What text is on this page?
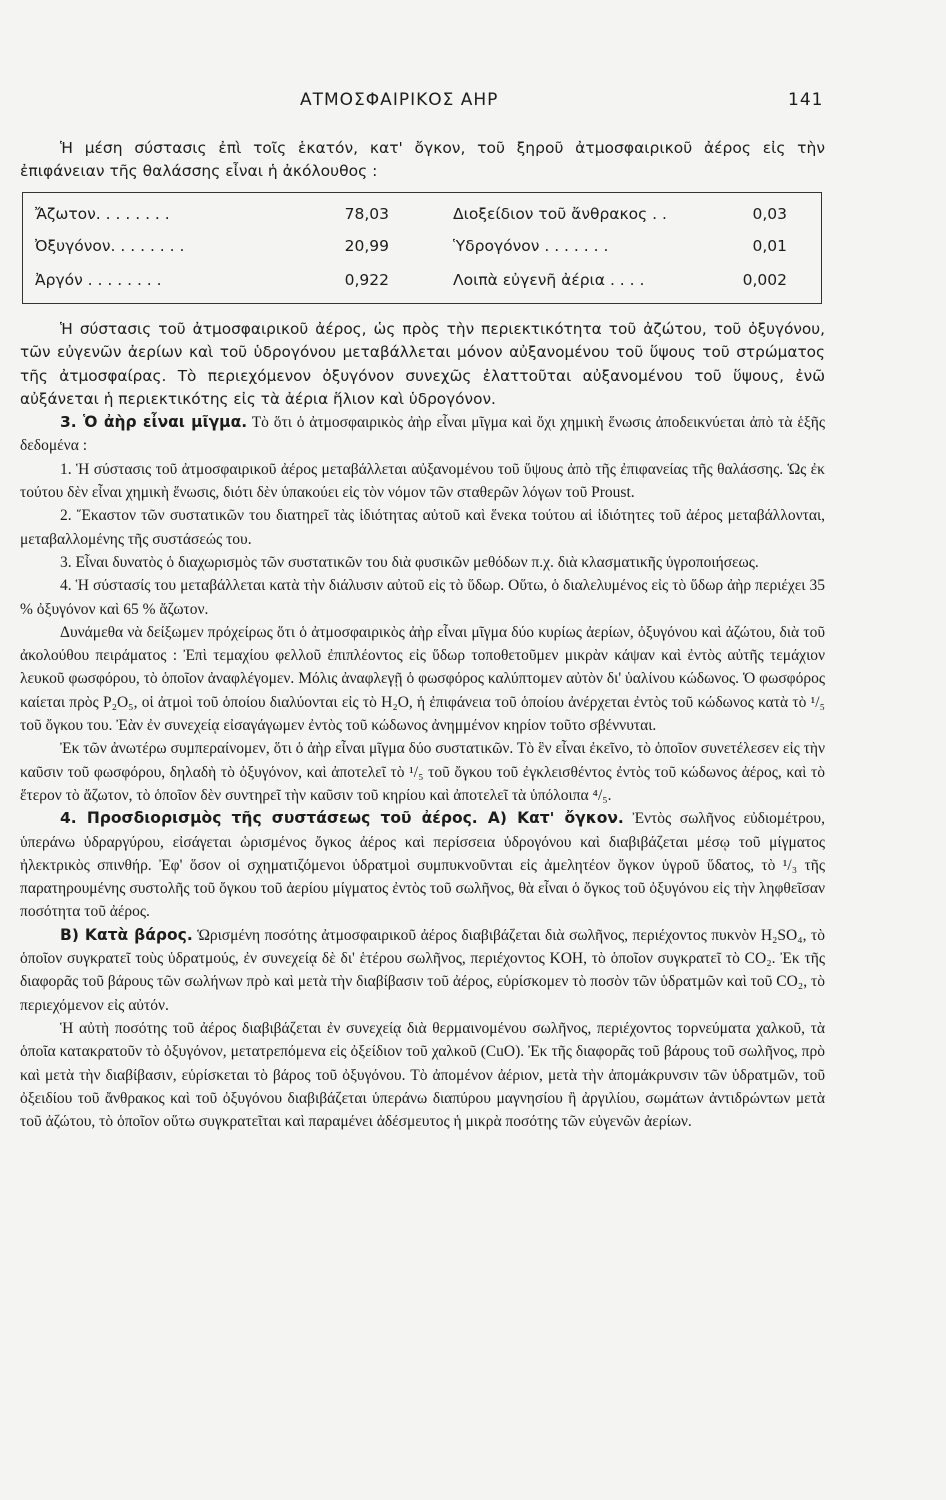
ΑΤΜΟΣΦΑΙΡΙΚΟΣ ΑΗΡ	141
Ἡ μέση σύστασις ἐπὶ τοῖς ἑκατόν, κατ' ὄγκον, τοῦ ξηροῦ ἀτμοσφαιρικοῦ ἀέρος εἰς τὴν ἐπιφάνειαν τῆς θαλάσσης εἶναι ἡ ἀκόλουθος :
Ἄζωτον. . . . . . . .	78,03	Διοξείδιον τοῦ ἄνθρακος . .	0,03
Ὀξυγόνον. . . . . . . .	20,99	Ὑδρογόνον . . . . . . .	0,01
Ἀργόν . . . . . . . .	0,922	Λοιπὰ εὐγενῆ ἀέρια . . . .	0,002

Ἡ σύστασις τοῦ ἀτμοσφαιρικοῦ ἀέρος, ὡς πρὸς τὴν περιεκτικότητα τοῦ ἀζώτου, τοῦ ὀξυγόνου, τῶν εὐγενῶν ἀερίων καὶ τοῦ ὑδρογόνου μεταβάλλεται μόνον αὐξανομένου τοῦ ὕψους τοῦ στρώματος τῆς ἀτμοσφαίρας. Τὸ περιεχόμενον ὀξυγόνον συνεχῶς ἐλαττοῦται αὐξανομένου τοῦ ὕψους, ἐνῶ αὐξάνεται ἡ περιεκτικότης εἰς τὰ ἀέρια ἥλιον καὶ ὑδρογόνον.

3. Ὁ ἀὴρ εἶναι μῖγμα. Τὸ ὅτι ὁ ἀτμοσφαιρικὸς ἀὴρ εἶναι μῖγμα καὶ ὄχι χημικὴ ἕνωσις ἀποδεικνύεται ἀπὸ τὰ ἑξῆς δεδομένα :

1. Ἡ σύστασις τοῦ ἀτμοσφαιρικοῦ ἀέρος μεταβάλλεται αὐξανομένου τοῦ ὕψους ἀπὸ τῆς ἐπιφανείας τῆς θαλάσσης. Ὡς ἐκ τούτου δὲν εἶναι χημικὴ ἕνωσις, διότι δὲν ὑπακούει εἰς τὸν νόμον τῶν σταθερῶν λόγων τοῦ Proust.

2. Ἕκαστον τῶν συστατικῶν του διατηρεῖ τὰς ἰδιότητας αὐτοῦ καὶ ἕνεκα τούτου αἱ ἰδιότητες τοῦ ἀέρος μεταβάλλονται, μεταβαλλομένης τῆς συστάσεώς του.

3. Εἶναι δυνατὸς ὁ διαχωρισμὸς τῶν συστατικῶν του διὰ φυσικῶν μεθόδων π.χ. διὰ κλασματικῆς ὑγροποιήσεως.

4. Ἡ σύστασίς του μεταβάλλεται κατὰ τὴν διάλυσιν αὐτοῦ εἰς τὸ ὕδωρ. Οὕτω, ὁ διαλελυμένος εἰς τὸ ὕδωρ ἀὴρ περιέχει 35 % ὀξυγόνον καὶ 65 % ἄζωτον.

Δυνάμεθα νὰ δείξωμεν πρόχείρως ὅτι ὁ ἀτμοσφαιρικὸς ἀὴρ εἶναι μῖγμα δύο κυρίως ἀερίων, ὀξυγόνου καὶ ἀζώτου, διὰ τοῦ ἀκολούθου πειράματος : Ἐπὶ τεμαχίου φελλοῦ ἐπιπλέοντος εἰς ὕδωρ τοποθετοῦμεν μικρὰν κάψαν καὶ ἐντὸς αὐτῆς τεμάχιον λευκοῦ φωσφόρου, τὸ ὁποῖον ἀναφλέγομεν. Μόλις ἀναφλεγῇ ὁ φωσφόρος καλύπτομεν αὐτὸν δι' ὑαλίνου κώδωνος. Ὁ φωσφόρος καίεται πρὸς P₂O₅, οἱ ἀτμοὶ τοῦ ὁποίου διαλύονται εἰς τὸ H₂O, ἡ ἐπιφάνεια τοῦ ὁποίου ἀνέρχεται ἐντὸς τοῦ κώδωνος κατὰ τὸ ¹/₅ τοῦ ὄγκου του. Ἐὰν ἐν συνεχείᾳ εἰσαγάγωμεν ἐντὸς τοῦ κώδωνος ἀνημμένον κηρίον τοῦτο σβέννυται.

Ἐκ τῶν ἀνωτέρω συμπεραίνομεν, ὅτι ὁ ἀὴρ εἶναι μῖγμα δύο συστατικῶν. Τὸ ἓν εἶναι ἐκεῖνο, τὸ ὁποῖον συνετέλεσεν εἰς τὴν καῦσιν τοῦ φωσφόρου, δηλαδὴ τὸ ὀξυγόνον, καὶ ἀποτελεῖ τὸ ¹/₅ τοῦ ὄγκου τοῦ ἐγκλεισθέντος ἐντὸς τοῦ κώδωνος ἀέρος, καὶ τὸ ἕτερον τὸ ἄζωτον, τὸ ὁποῖον δὲν συντηρεῖ τὴν καῦσιν τοῦ κηρίου καὶ ἀποτελεῖ τὰ ὑπόλοιπα ⁴/₅.

4. Προσδιορισμὸς τῆς συστάσεως τοῦ ἀέρος. Α) Κατ' ὄγκον. Ἐντὸς σωλῆνος εὐδιομέτρου, ὑπεράνω ὑδραργύρου, εἰσάγεται ὡρισμένος ὄγκος ἀέρος καὶ περίσσεια ὑδρογόνου καὶ διαβιβάζεται μέσῳ τοῦ μίγματος ἠλεκτρικὸς σπινθήρ. Ἐφ' ὅσον οἱ σχηματιζόμενοι ὑδρατμοὶ συμπυκνοῦνται εἰς ἀμελητέον ὄγκον ὑγροῦ ὕδατος, τὸ ¹/₃ τῆς παρατηρουμένης συστολῆς τοῦ ὄγκου τοῦ ἀερίου μίγματος ἐντὸς τοῦ σωλῆνος, θὰ εἶναι ὁ ὄγκος τοῦ ὀξυγόνου εἰς τὴν ληφθεῖσαν ποσότητα τοῦ ἀέρος.

Β) Κατὰ βάρος. Ὡρισμένη ποσότης ἀτμοσφαιρικοῦ ἀέρος διαβιβάζεται διὰ σωλῆνος, περιέχοντος πυκνὸν H₂SO₄, τὸ ὁποῖον συγκρατεῖ τοὺς ὑδρατμούς, ἐν συνεχείᾳ δὲ δι' ἑτέρου σωλῆνος, περιέχοντος KOH, τὸ ὁποῖον συγκρατεῖ τὸ CO₂. Ἐκ τῆς διαφορᾶς τοῦ βάρους τῶν σωλήνων πρὸ καὶ μετὰ τὴν διαβίβασιν τοῦ ἀέρος, εὑρίσκομεν τὸ ποσὸν τῶν ὑδρατμῶν καὶ τοῦ CO₂, τὸ περιεχόμενον εἰς αὐτόν.

Ἡ αὐτὴ ποσότης τοῦ ἀέρος διαβιβάζεται ἐν συνεχείᾳ διὰ θερμαινομένου σωλῆνος, περιέχοντος τορνεύματα χαλκοῦ, τὰ ὁποῖα κατακρατοῦν τὸ ὀξυγόνον, μετατρεπόμενα εἰς ὀξείδιον τοῦ χαλκοῦ (CuO). Ἐκ τῆς διαφορᾶς τοῦ βάρους τοῦ σωλῆνος, πρὸ καὶ μετὰ τὴν διαβίβασιν, εὑρίσκεται τὸ βάρος τοῦ ὀξυγόνου. Τὸ ἀπομένον ἀέριον, μετὰ τὴν ἀπομάκρυνσιν τῶν ὑδρατμῶν, τοῦ ὀξειδίου τοῦ ἄνθρακος καὶ τοῦ ὀξυγόνου διαβιβάζεται ὑπεράνω διαπύρου μαγνησίου ἢ ἀργιλίου, σωμάτων ἀντιδρώντων μετὰ τοῦ ἀζώτου, τὸ ὁποῖον οὕτω συγκρατεῖται καὶ παραμένει ἀδέσμευτος ἡ μικρὰ ποσότης τῶν εὐγενῶν ἀερίων.
